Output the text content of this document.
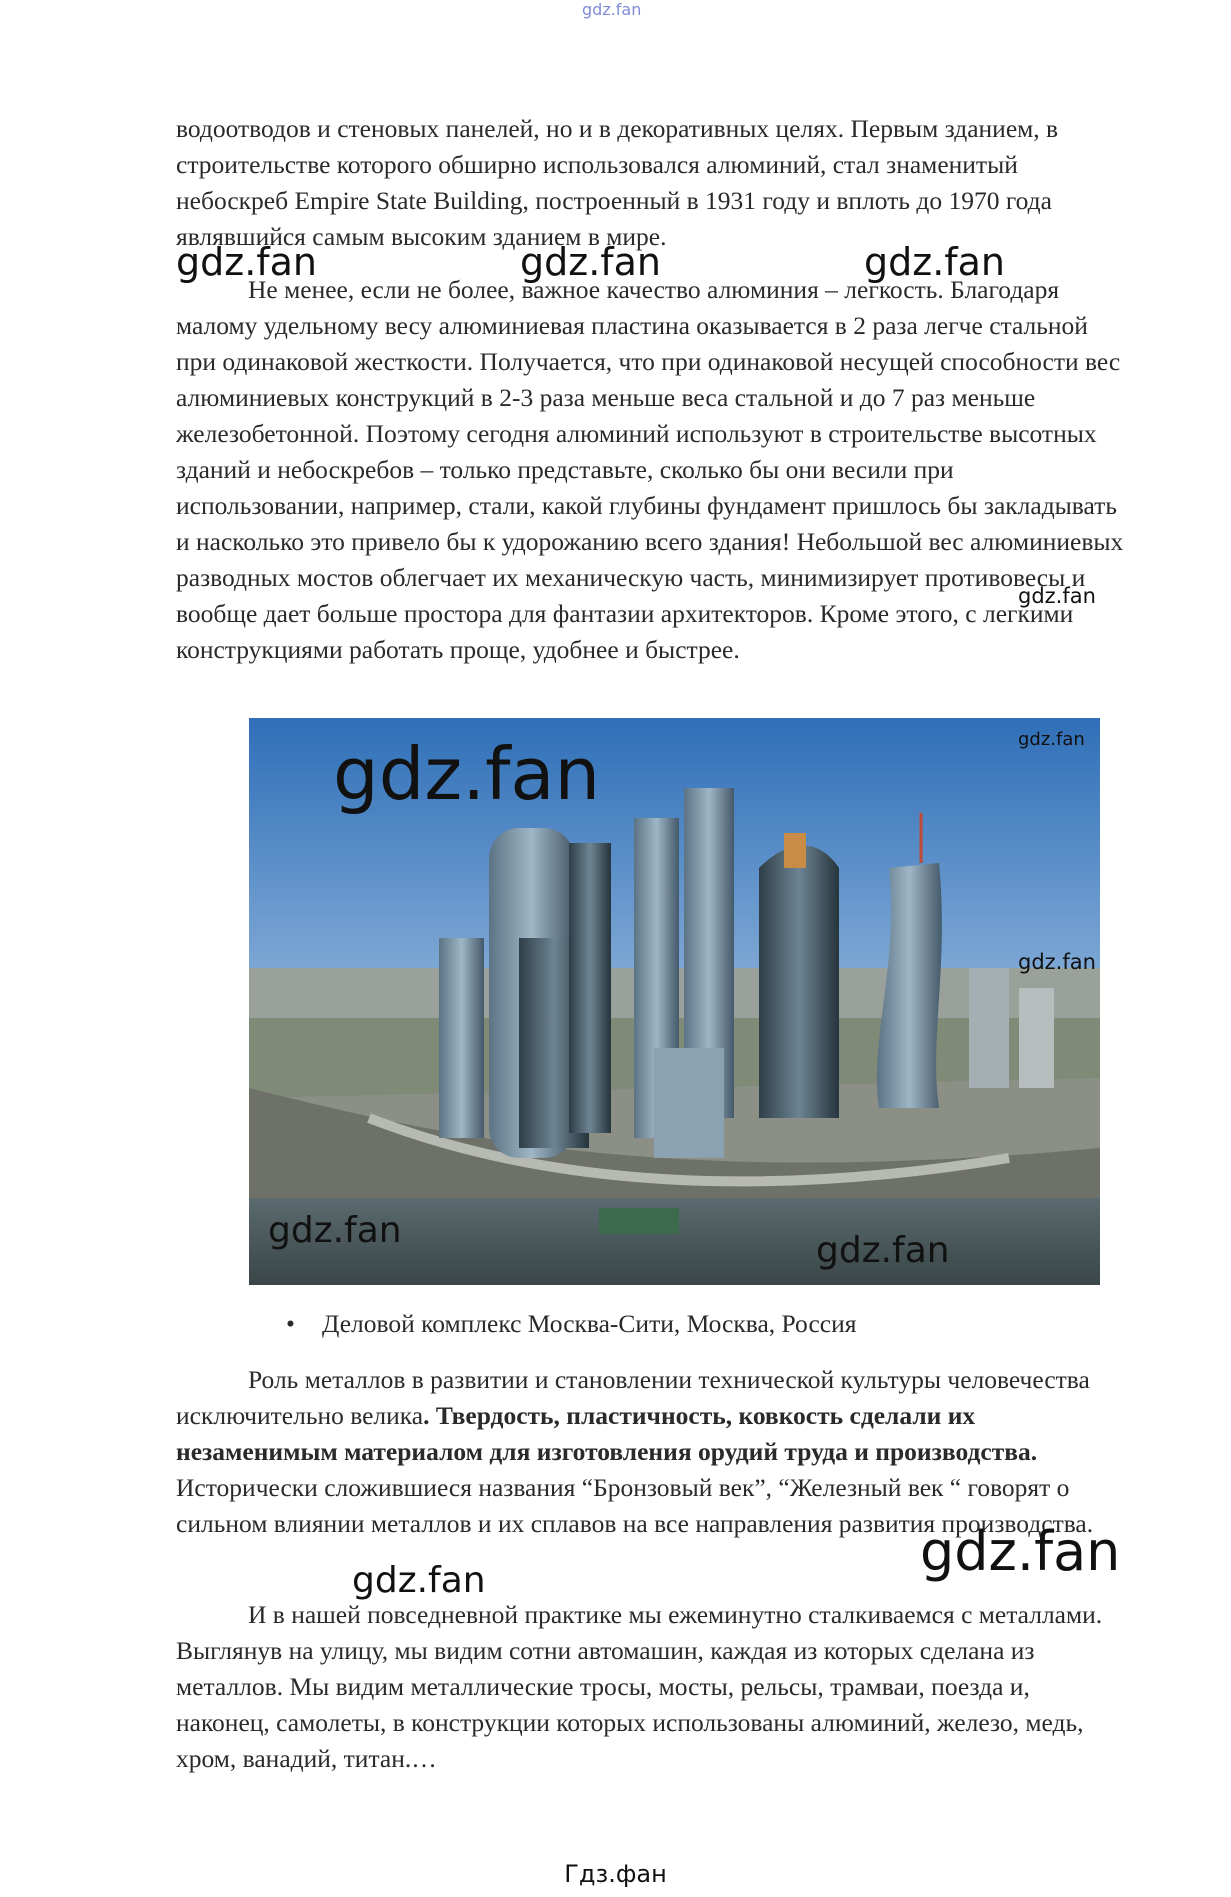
gdz.fan

водоотводов и стеновых панелей, но и в декоративных целях. Первым зданием, в строительстве которого обширно использовался алюминий, стал знаменитый небоскреб Empire State Building, построенный в 1931 году и вплоть до 1970 года являвшийся самым высоким зданием в мире.

gdz.fan	gdz.fan	gdz.fan

Не менее, если не более, важное качество алюминия – легкость. Благодаря малому удельному весу алюминиевая пластина оказывается в 2 раза легче стальной при одинаковой жесткости. Получается, что при одинаковой несущей способности вес алюминиевых конструкций в 2-3 раза меньше веса стальной и до 7 раз меньше железобетонной. Поэтому сегодня алюминий используют в строительстве высотных зданий и небоскребов – только представьте, сколько бы они весили при использовании, например, стали, какой глубины фундамент пришлось бы закладывать и насколько это привело бы к удорожанию всего здания! Небольшой вес алюминиевых разводных мостов облегчает их механическую часть, минимизирует противовесы и вообще дает больше простора для фантазии архитекторов. Кроме этого, с легкими конструкциями работать проще, удобнее и быстрее.

gdz.fan
gdz.fan	gdz.fan
gdz.fan
gdz.fan	gdz.fan
• Деловой комплекс Москва-Сити, Москва, Россия

Роль металлов в развитии и становлении технической культуры человечества исключительно велика. Твердость, пластичность, ковкость сделали их незаменимым материалом для изготовления орудий труда и производства. Исторически сложившиеся названия “Бронзовый век”, “Железный век “ говорят о сильном влиянии металлов и их сплавов на все направления развития производства.

gdz.fan
gdz.fan

И в нашей повседневной практике мы ежеминутно сталкиваемся с металлами. Выглянув на улицу, мы видим сотни автомашин, каждая из которых сделана из металлов. Мы видим металлические тросы, мосты, рельсы, трамваи, поезда и, наконец, самолеты, в конструкции которых использованы алюминий, железо, медь, хром, ванадий, титан.…

Гдз.фан
